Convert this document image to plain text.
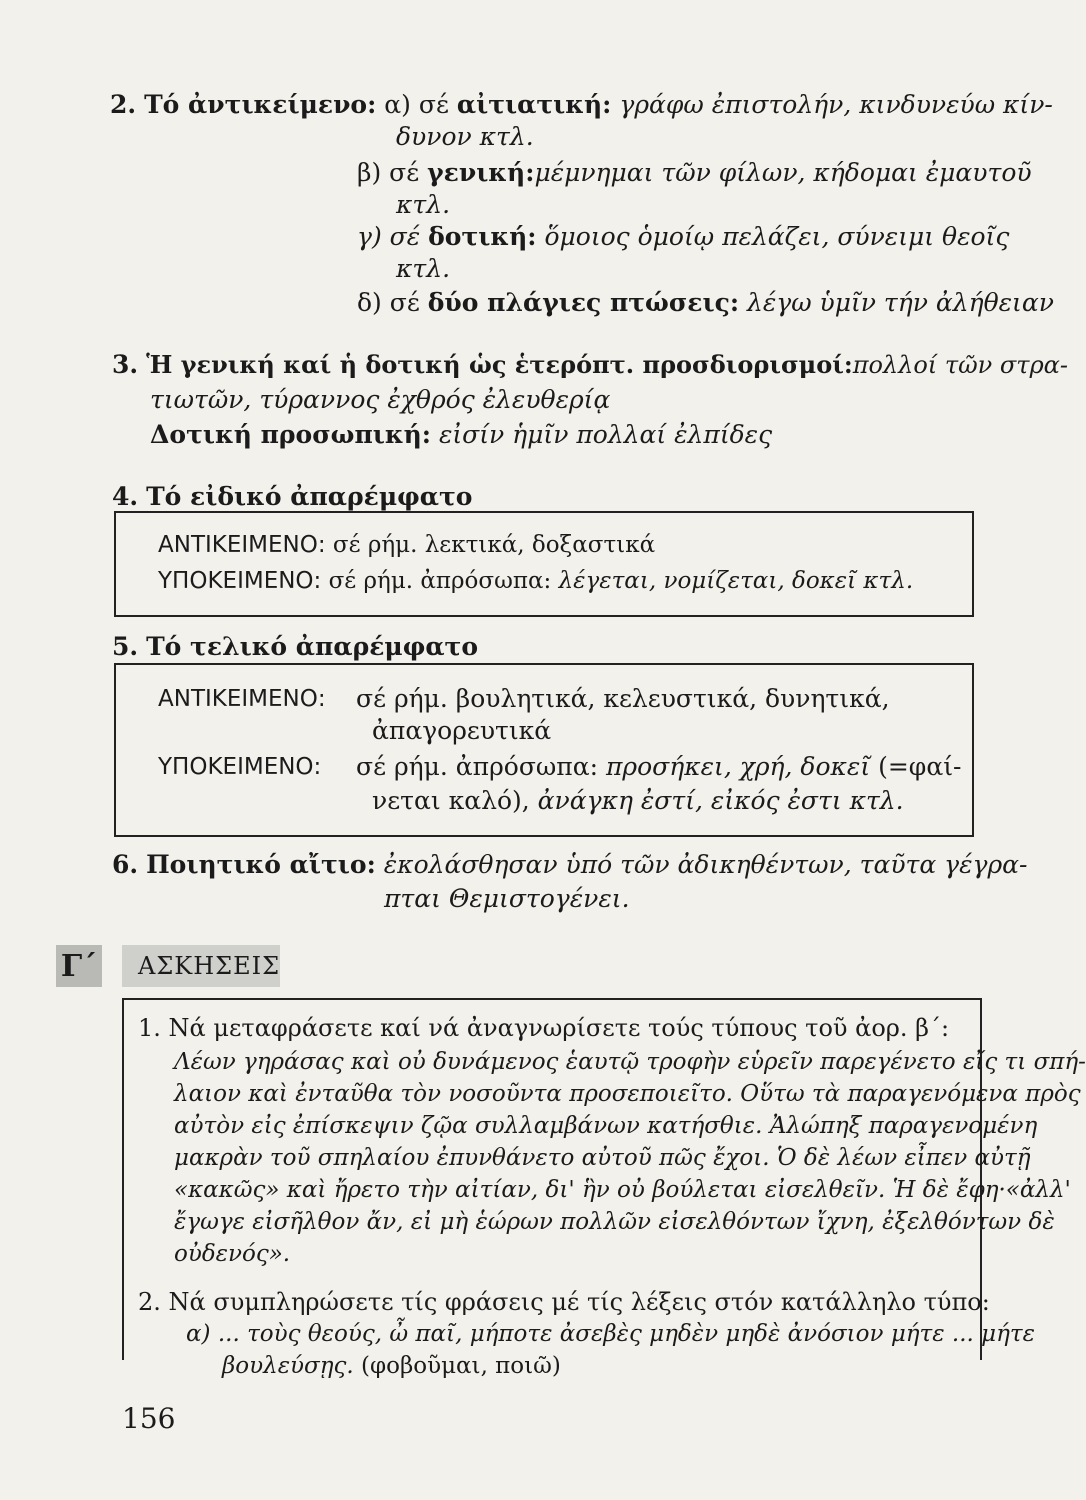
2. Τό ἀντικείμενο: α) σέ αἰτιατική: γράφω ἐπιστολήν, κινδυνεύω κίν-
δυνον κτλ.
β) σέ γενική:μέμνημαι τῶν φίλων, κήδομαι ἐμαυτοῦ
κτλ.
γ) σέ δοτική: ὅμοιος ὁμοίῳ πελάζει, σύνειμι θεοῖς
κτλ.
δ) σέ δύο πλάγιες πτώσεις: λέγω ὑμῖν τήν ἀλήθειαν
3. Ἡ γενική καί ἡ δοτική ὡς ἑτερόπτ. προσδιορισμοί:πολλοί τῶν στρα-
τιωτῶν, τύραννος ἐχθρός ἐλευθερίᾳ
Δοτική προσωπική: εἰσίν ἡμῖν πολλαί ἐλπίδες
4. Τό εἰδικό ἀπαρέμφατο
ΑΝΤΙΚΕΙΜΕΝΟ: σέ ρήμ. λεκτικά, δοξαστικά
ΥΠΟΚΕΙΜΕΝΟ: σέ ρήμ. ἀπρόσωπα: λέγεται, νομίζεται, δοκεῖ κτλ.
5. Τό τελικό ἀπαρέμφατο
ΑΝΤΙΚΕΙΜΕΝΟ: σέ ρήμ. βουλητικά, κελευστικά, δυνητικά,
ἀπαγορευτικά
ΥΠΟΚΕΙΜΕΝΟ: σέ ρήμ. ἀπρόσωπα: προσήκει, χρή, δοκεῖ (=φαί-
νεται καλό), ἀνάγκη ἐστί, εἰκός ἐστι κτλ.
6. Ποιητικό αἴτιο: ἐκολάσθησαν ὑπό τῶν ἀδικηθέντων, ταῦτα γέγρα-
πται Θεμιστογένει.
Γ΄	ΑΣΚΗΣΕΙΣ
1. Νά μεταφράσετε καί νά ἀναγνωρίσετε τούς τύπους τοῦ ἀορ. β΄:
Λέων γηράσας καὶ οὐ δυνάμενος ἑαυτῷ τροφὴν εὑρεῖν παρεγένετο εἴς τι σπή-
λαιον καὶ ἐνταῦθα τὸν νοσοῦντα προσεποιεῖτο. Οὕτω τὰ παραγενόμενα πρὸς
αὐτὸν εἰς ἐπίσκεψιν ζῷα συλλαμβάνων κατήσθιε. Ἀλώπηξ παραγενομένη
μακρὰν τοῦ σπηλαίου ἐπυνθάνετο αὐτοῦ πῶς ἔχοι. Ὁ δὲ λέων εἶπεν αὐτῇ
«κακῶς» καὶ ἤρετο τὴν αἰτίαν, δι' ἣν οὐ βούλεται εἰσελθεῖν. Ἡ δὲ ἔφη·«ἀλλ'
ἔγωγε εἰσῆλθον ἄν, εἰ μὴ ἑώρων πολλῶν εἰσελθόντων ἴχνη, ἐξελθόντων δὲ
οὐδενός».
2. Νά συμπληρώσετε τίς φράσεις μέ τίς λέξεις στόν κατάλληλο τύπο:
α) ... τοὺς θεούς, ὦ παῖ, μήποτε ἀσεβὲς μηδὲν μηδὲ ἀνόσιον μήτε ... μήτε
βουλεύσῃς. (φοβοῦμαι, ποιῶ)
156
